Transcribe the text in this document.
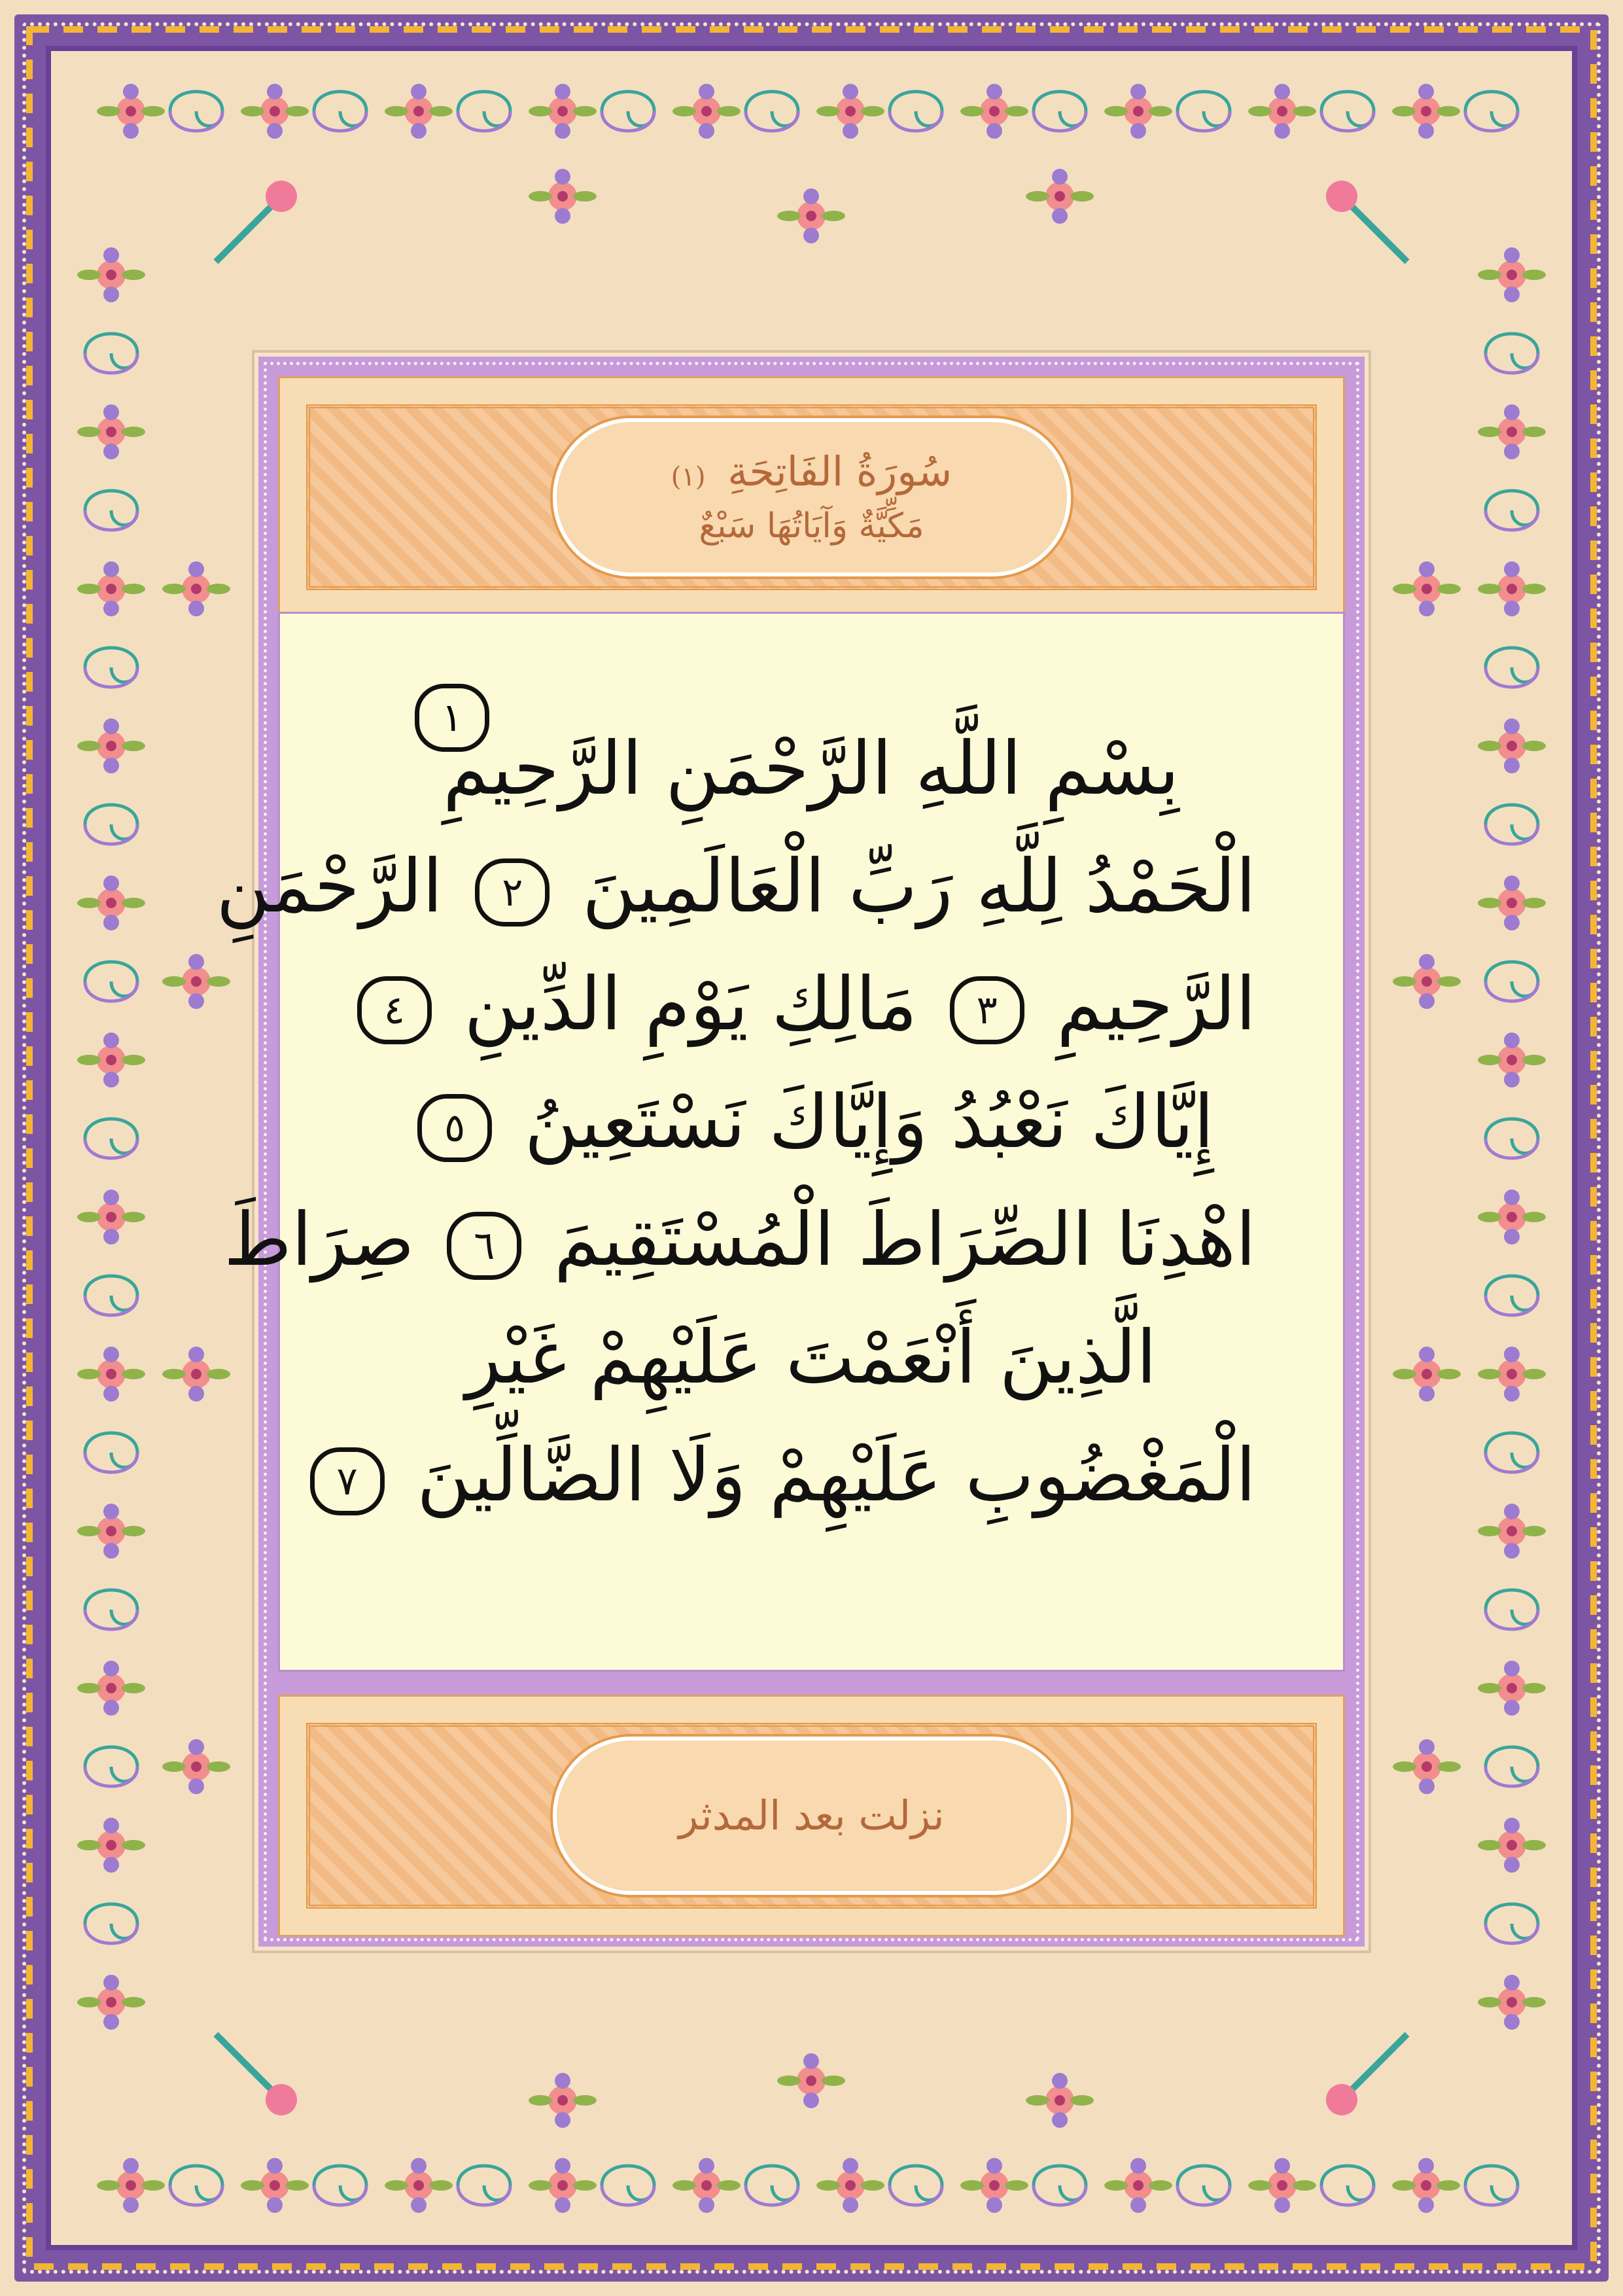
سُورَةُ الفَاتِحَةِ (١)
مَكِّيَّةٌ وَآيَاتُهَا سَبْعٌ
بِسْمِ اللَّهِ الرَّحْمَنِ الرَّحِيمِ
١
الْحَمْدُ لِلَّهِ رَبِّ الْعَالَمِينَ ٢ الرَّحْمَنِ
الرَّحِيمِ ٣ مَالِكِ يَوْمِ الدِّينِ ٤
إِيَّاكَ نَعْبُدُ وَإِيَّاكَ نَسْتَعِينُ ٥
اهْدِنَا الصِّرَاطَ الْمُسْتَقِيمَ ٦ صِرَاطَ
الَّذِينَ أَنْعَمْتَ عَلَيْهِمْ غَيْرِ
الْمَغْضُوبِ عَلَيْهِمْ وَلَا الضَّالِّينَ ٧
نزلت بعد المدثر
